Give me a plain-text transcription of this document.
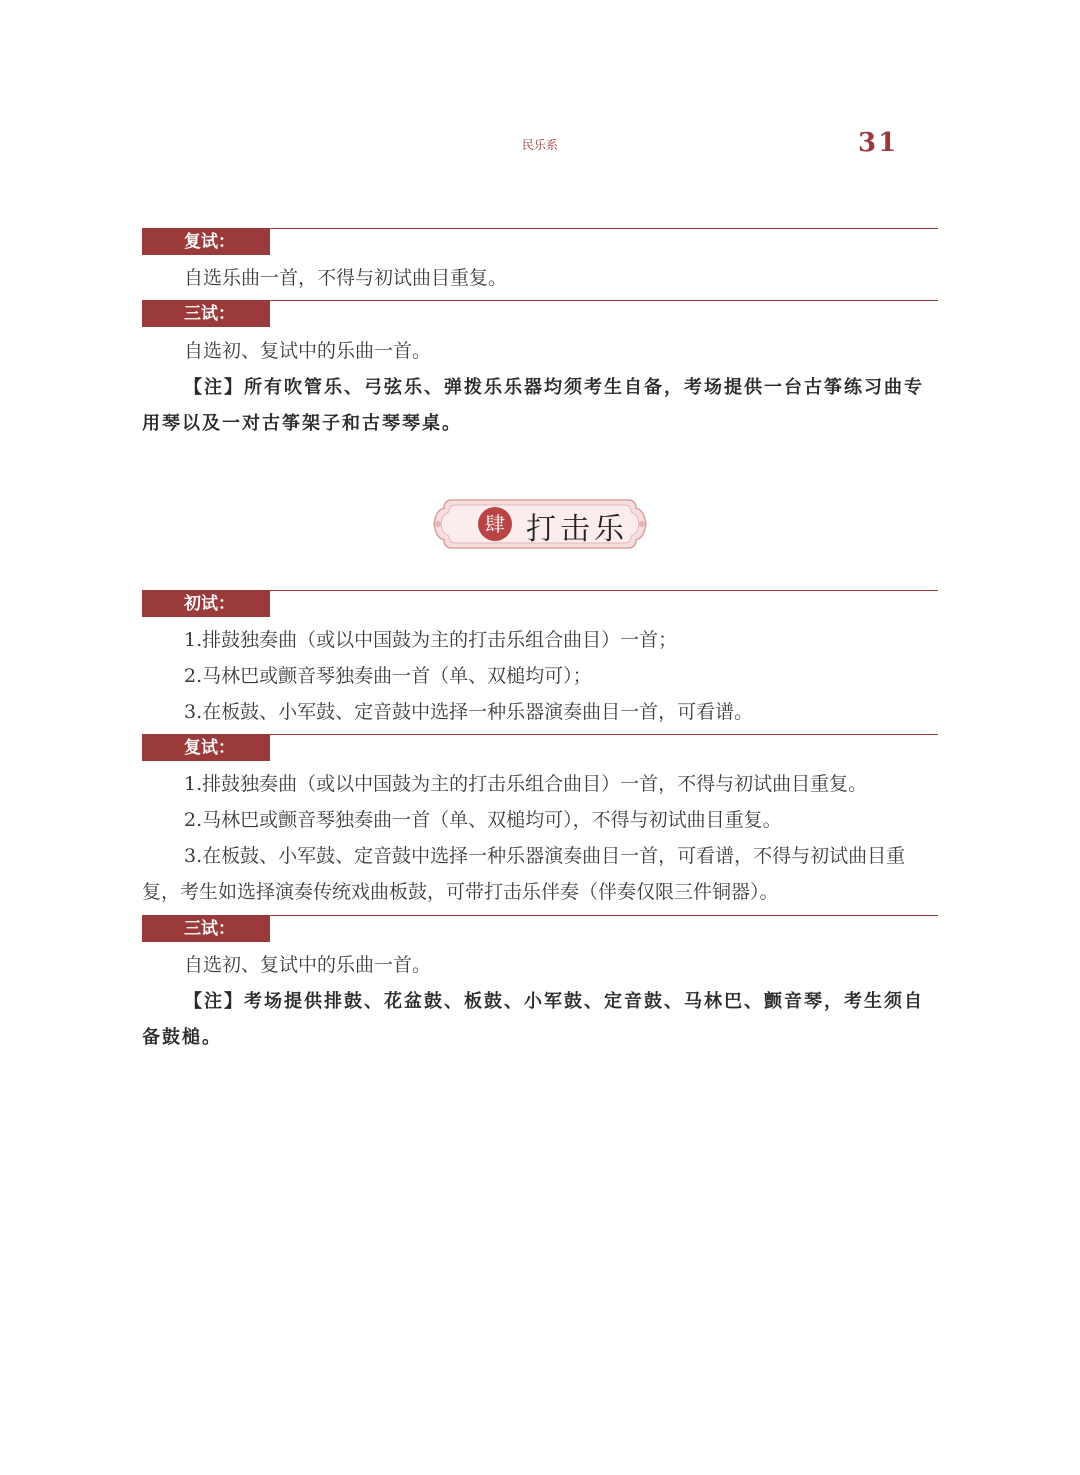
民乐系	31
复试：
自选乐曲一首，不得与初试曲目重复。
三试：
自选初、复试中的乐曲一首。
【注】所有吹管乐、弓弦乐、弹拨乐乐器均须考生自备，考场提供一台古筝练习曲专用琴以及一对古筝架子和古琴琴桌。
肆 打击乐
初试：
1.排鼓独奏曲（或以中国鼓为主的打击乐组合曲目）一首；
2.马林巴或颤音琴独奏曲一首（单、双槌均可）；
3.在板鼓、小军鼓、定音鼓中选择一种乐器演奏曲目一首，可看谱。
复试：
1.排鼓独奏曲（或以中国鼓为主的打击乐组合曲目）一首，不得与初试曲目重复。
2.马林巴或颤音琴独奏曲一首（单、双槌均可），不得与初试曲目重复。
3.在板鼓、小军鼓、定音鼓中选择一种乐器演奏曲目一首，可看谱，不得与初试曲目重复，考生如选择演奏传统戏曲板鼓，可带打击乐伴奏（伴奏仅限三件铜器）。
三试：
自选初、复试中的乐曲一首。
【注】考场提供排鼓、花盆鼓、板鼓、小军鼓、定音鼓、马林巴、颤音琴，考生须自备鼓槌。
